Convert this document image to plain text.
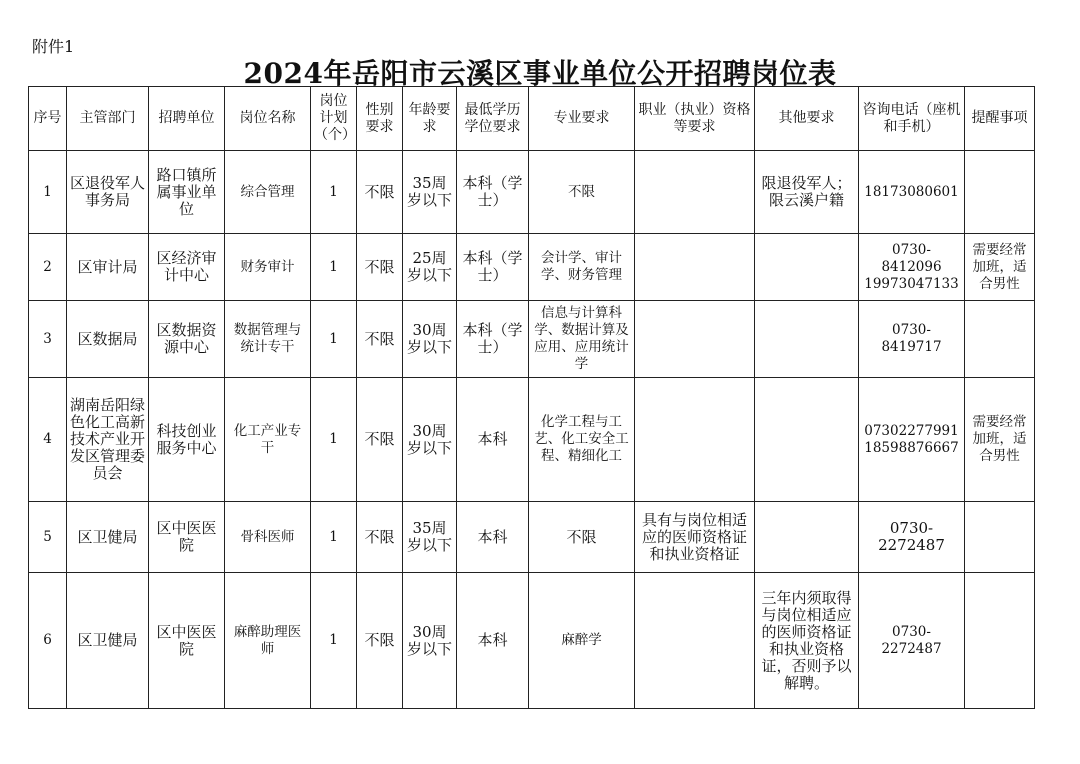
附件1
2024年岳阳市云溪区事业单位公开招聘岗位表
序号	主管部门	招聘单位	岗位名称	岗位计划（个）	性别要求	年龄要求	最低学历学位要求	专业要求	职业（执业）资格等要求	其他要求	咨询电话（座机和手机）	提醒事项
1	区退役军人事务局	路口镇所属事业单位	综合管理	1	不限	35周岁以下	本科（学士）	不限		限退役军人；限云溪户籍	18173080601	
2	区审计局	区经济审计中心	财务审计	1	不限	25周岁以下	本科（学士）	会计学、审计学、财务管理			0730-8412096 19973047133	需要经常加班，适合男性
3	区数据局	区数据资源中心	数据管理与统计专干	1	不限	30周岁以下	本科（学士）	信息与计算科学、数据计算及应用、应用统计学			0730-8419717	
4	湖南岳阳绿色化工高新技术产业开发区管理委员会	科技创业服务中心	化工产业专干	1	不限	30周岁以下	本科	化学工程与工艺、化工安全工程、精细化工			07302277991 18598876667	需要经常加班，适合男性
5	区卫健局	区中医医院	骨科医师	1	不限	35周岁以下	本科	不限	具有与岗位相适应的医师资格证和执业资格证		0730-2272487	
6	区卫健局	区中医医院	麻醉助理医师	1	不限	30周岁以下	本科	麻醉学		三年内须取得与岗位相适应的医师资格证和执业资格证，否则予以解聘。	0730-2272487	
